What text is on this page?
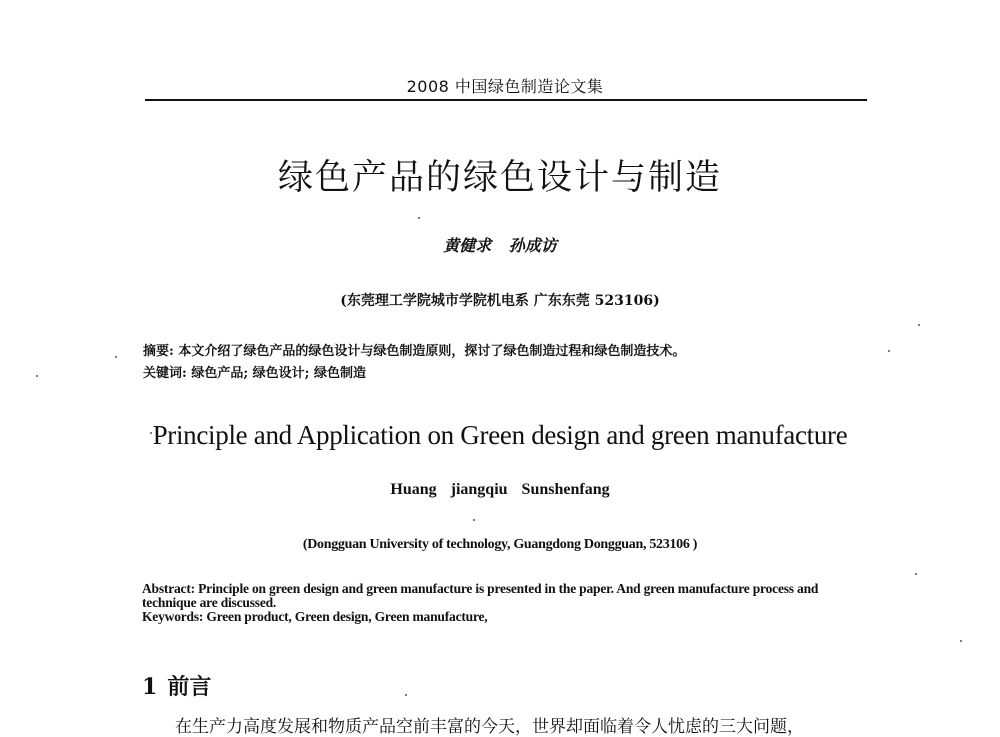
2008 中国绿色制造论文集
绿色产品的绿色设计与制造
黄健求 孙成访
(东莞理工学院城市学院机电系 广东东莞 523106)
摘要: 本文介绍了绿色产品的绿色设计与绿色制造原则，探讨了绿色制造过程和绿色制造技术。
关键词: 绿色产品; 绿色设计; 绿色制造
Principle and Application on Green design and green manufacture
Huang jiangqiu Sunshenfang
(Dongguan University of technology, Guangdong Dongguan, 523106 )
Abstract: Principle on green design and green manufacture is presented in the paper. And green manufacture process and technique are discussed.
Keywords: Green product, Green design, Green manufacture,
1 前言
在生产力高度发展和物质产品空前丰富的今天，世界却面临着令人忧虑的三大问题，
